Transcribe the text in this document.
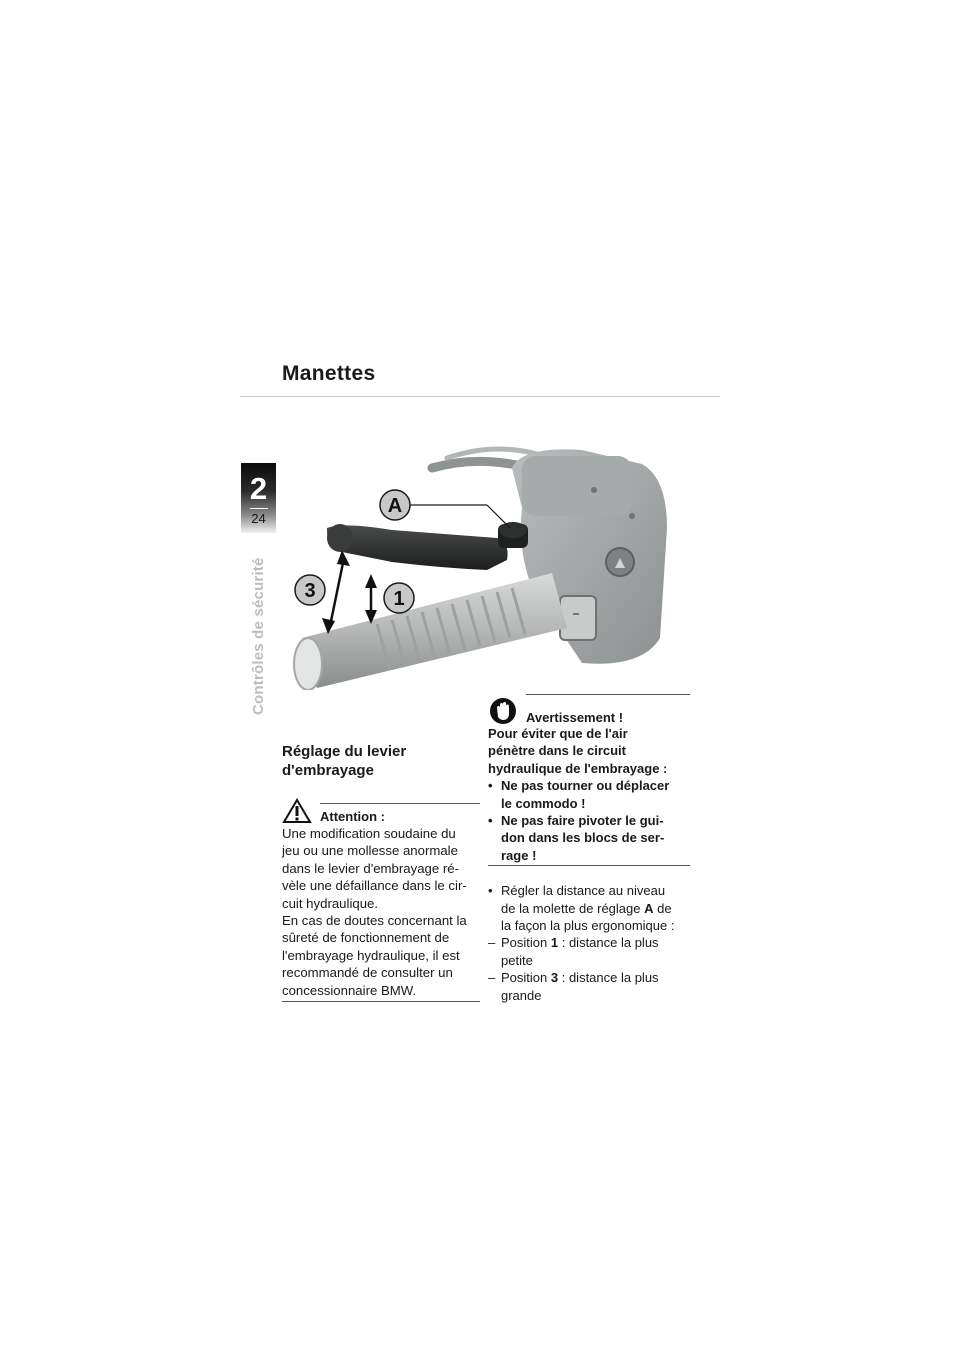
Manettes
2
24
Contrôles de sécurité
A
3	1

Réglage du levier
d'embrayage

Attention :

Une modification soudaine du

jeu ou une mollesse anormale

dans le levier d'embrayage ré-

vèle une défaillance dans le cir-

cuit hydraulique.

En cas de doutes concernant la

sûreté de fonctionnement de

l'embrayage hydraulique, il est

recommandé de consulter un

concessionnaire BMW.

Avertissement !

Pour éviter que de l'air

pénètre dans le circuit

hydraulique de l'embrayage :

• Ne pas tourner ou déplacer
le commodo !
• Ne pas faire pivoter le gui-
don dans les blocs de ser-
rage !
• Régler la distance au niveau
de la molette de réglage A de
la façon la plus ergonomique :
– Position 1 : distance la plus
petite
– Position 3 : distance la plus
grande
